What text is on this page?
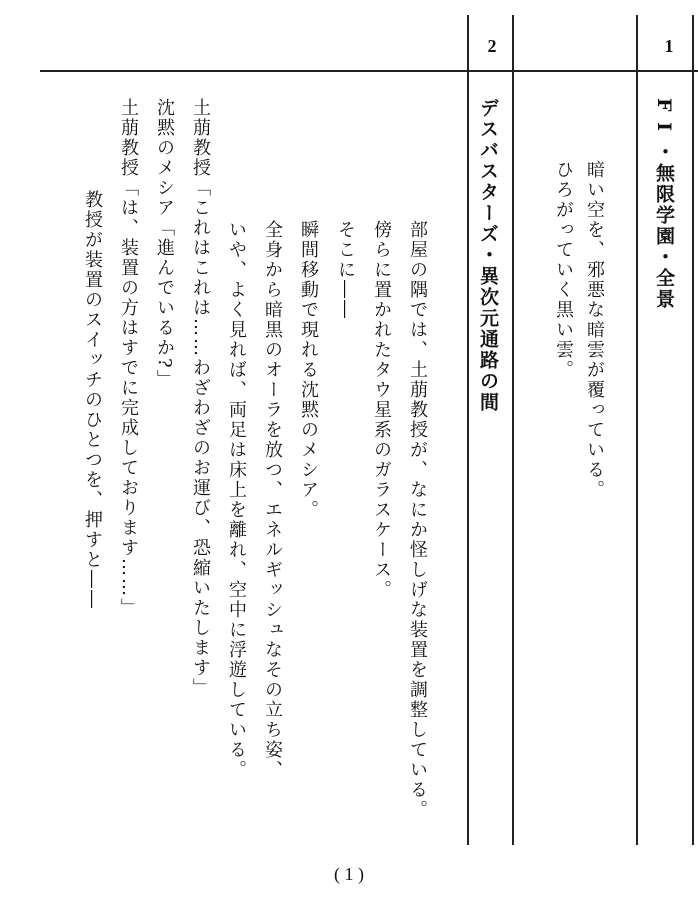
1
2
F I ・無限学園・全景
暗い空を、邪悪な暗雲が覆っている。
ひろがっていく黒い雲。
デスバスターズ・異次元通路の間
部屋の隅では、土萠教授が、なにか怪しげな装置を調整している。
傍らに置かれたタウ星系のガラスケース。
そこに――
瞬間移動で現れる沈黙のメシア。
全身から暗黒のオーラを放つ、エネルギッシュなその立ち姿、
いや、よく見れば、両足は床上を離れ、空中に浮遊している。
土萠教授「これはこれは……わざわざのお運び、恐縮いたします」
沈黙のメシア「進んでいるか?」
土萠教授「は、装置の方はすでに完成しております……」
教授が装置のスイッチのひとつを、押すと――
( 1 )
